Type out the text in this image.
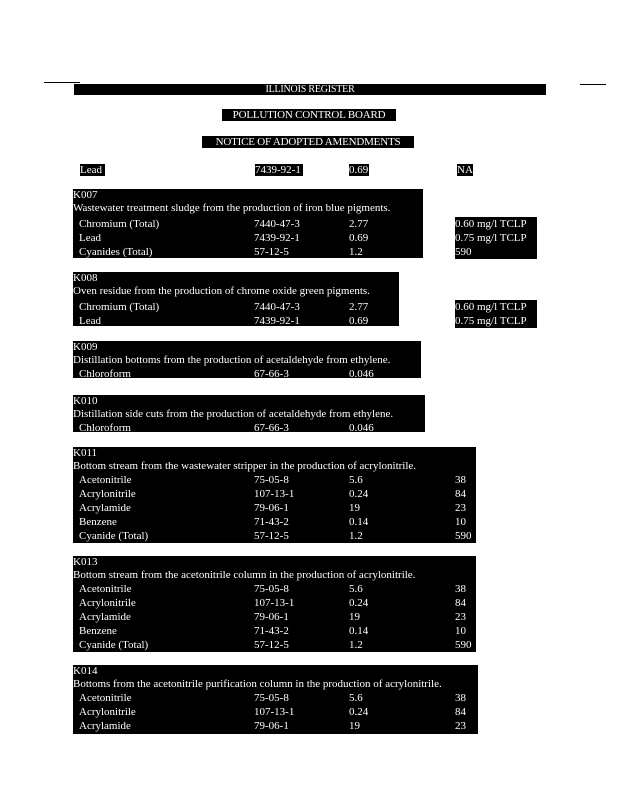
ILLINOIS REGISTER
POLLUTION CONTROL BOARD
NOTICE OF ADOPTED AMENDMENTS
Lead	7439-92-1	0.69	NA
K007
Wastewater treatment sludge from the production of iron blue pigments.
Chromium (Total)	7440-47-3	2.77	0.60 mg/l TCLP
Lead	7439-92-1	0.69	0.75 mg/l TCLP
Cyanides (Total)	57-12-5	1.2	590
K008
Oven residue from the production of chrome oxide green pigments.
Chromium (Total)	7440-47-3	2.77	0.60 mg/l TCLP
Lead	7439-92-1	0.69	0.75 mg/l TCLP
K009
Distillation bottoms from the production of acetaldehyde from ethylene.
Chloroform	67-66-3	0.046	6.0
K010
Distillation side cuts from the production of acetaldehyde from ethylene.
Chloroform	67-66-3	0.046	6.0
K011
Bottom stream from the wastewater stripper in the production of acrylonitrile.
Acetonitrile	75-05-8	5.6	38
Acrylonitrile	107-13-1	0.24	84
Acrylamide	79-06-1	19	23
Benzene	71-43-2	0.14	10
Cyanide (Total)	57-12-5	1.2	590
K013
Bottom stream from the acetonitrile column in the production of acrylonitrile.
Acetonitrile	75-05-8	5.6	38
Acrylonitrile	107-13-1	0.24	84
Acrylamide	79-06-1	19	23
Benzene	71-43-2	0.14	10
Cyanide (Total)	57-12-5	1.2	590
K014
Bottoms from the acetonitrile purification column in the production of acrylonitrile.
Acetonitrile	75-05-8	5.6	38
Acrylonitrile	107-13-1	0.24	84
Acrylamide	79-06-1	19	23
